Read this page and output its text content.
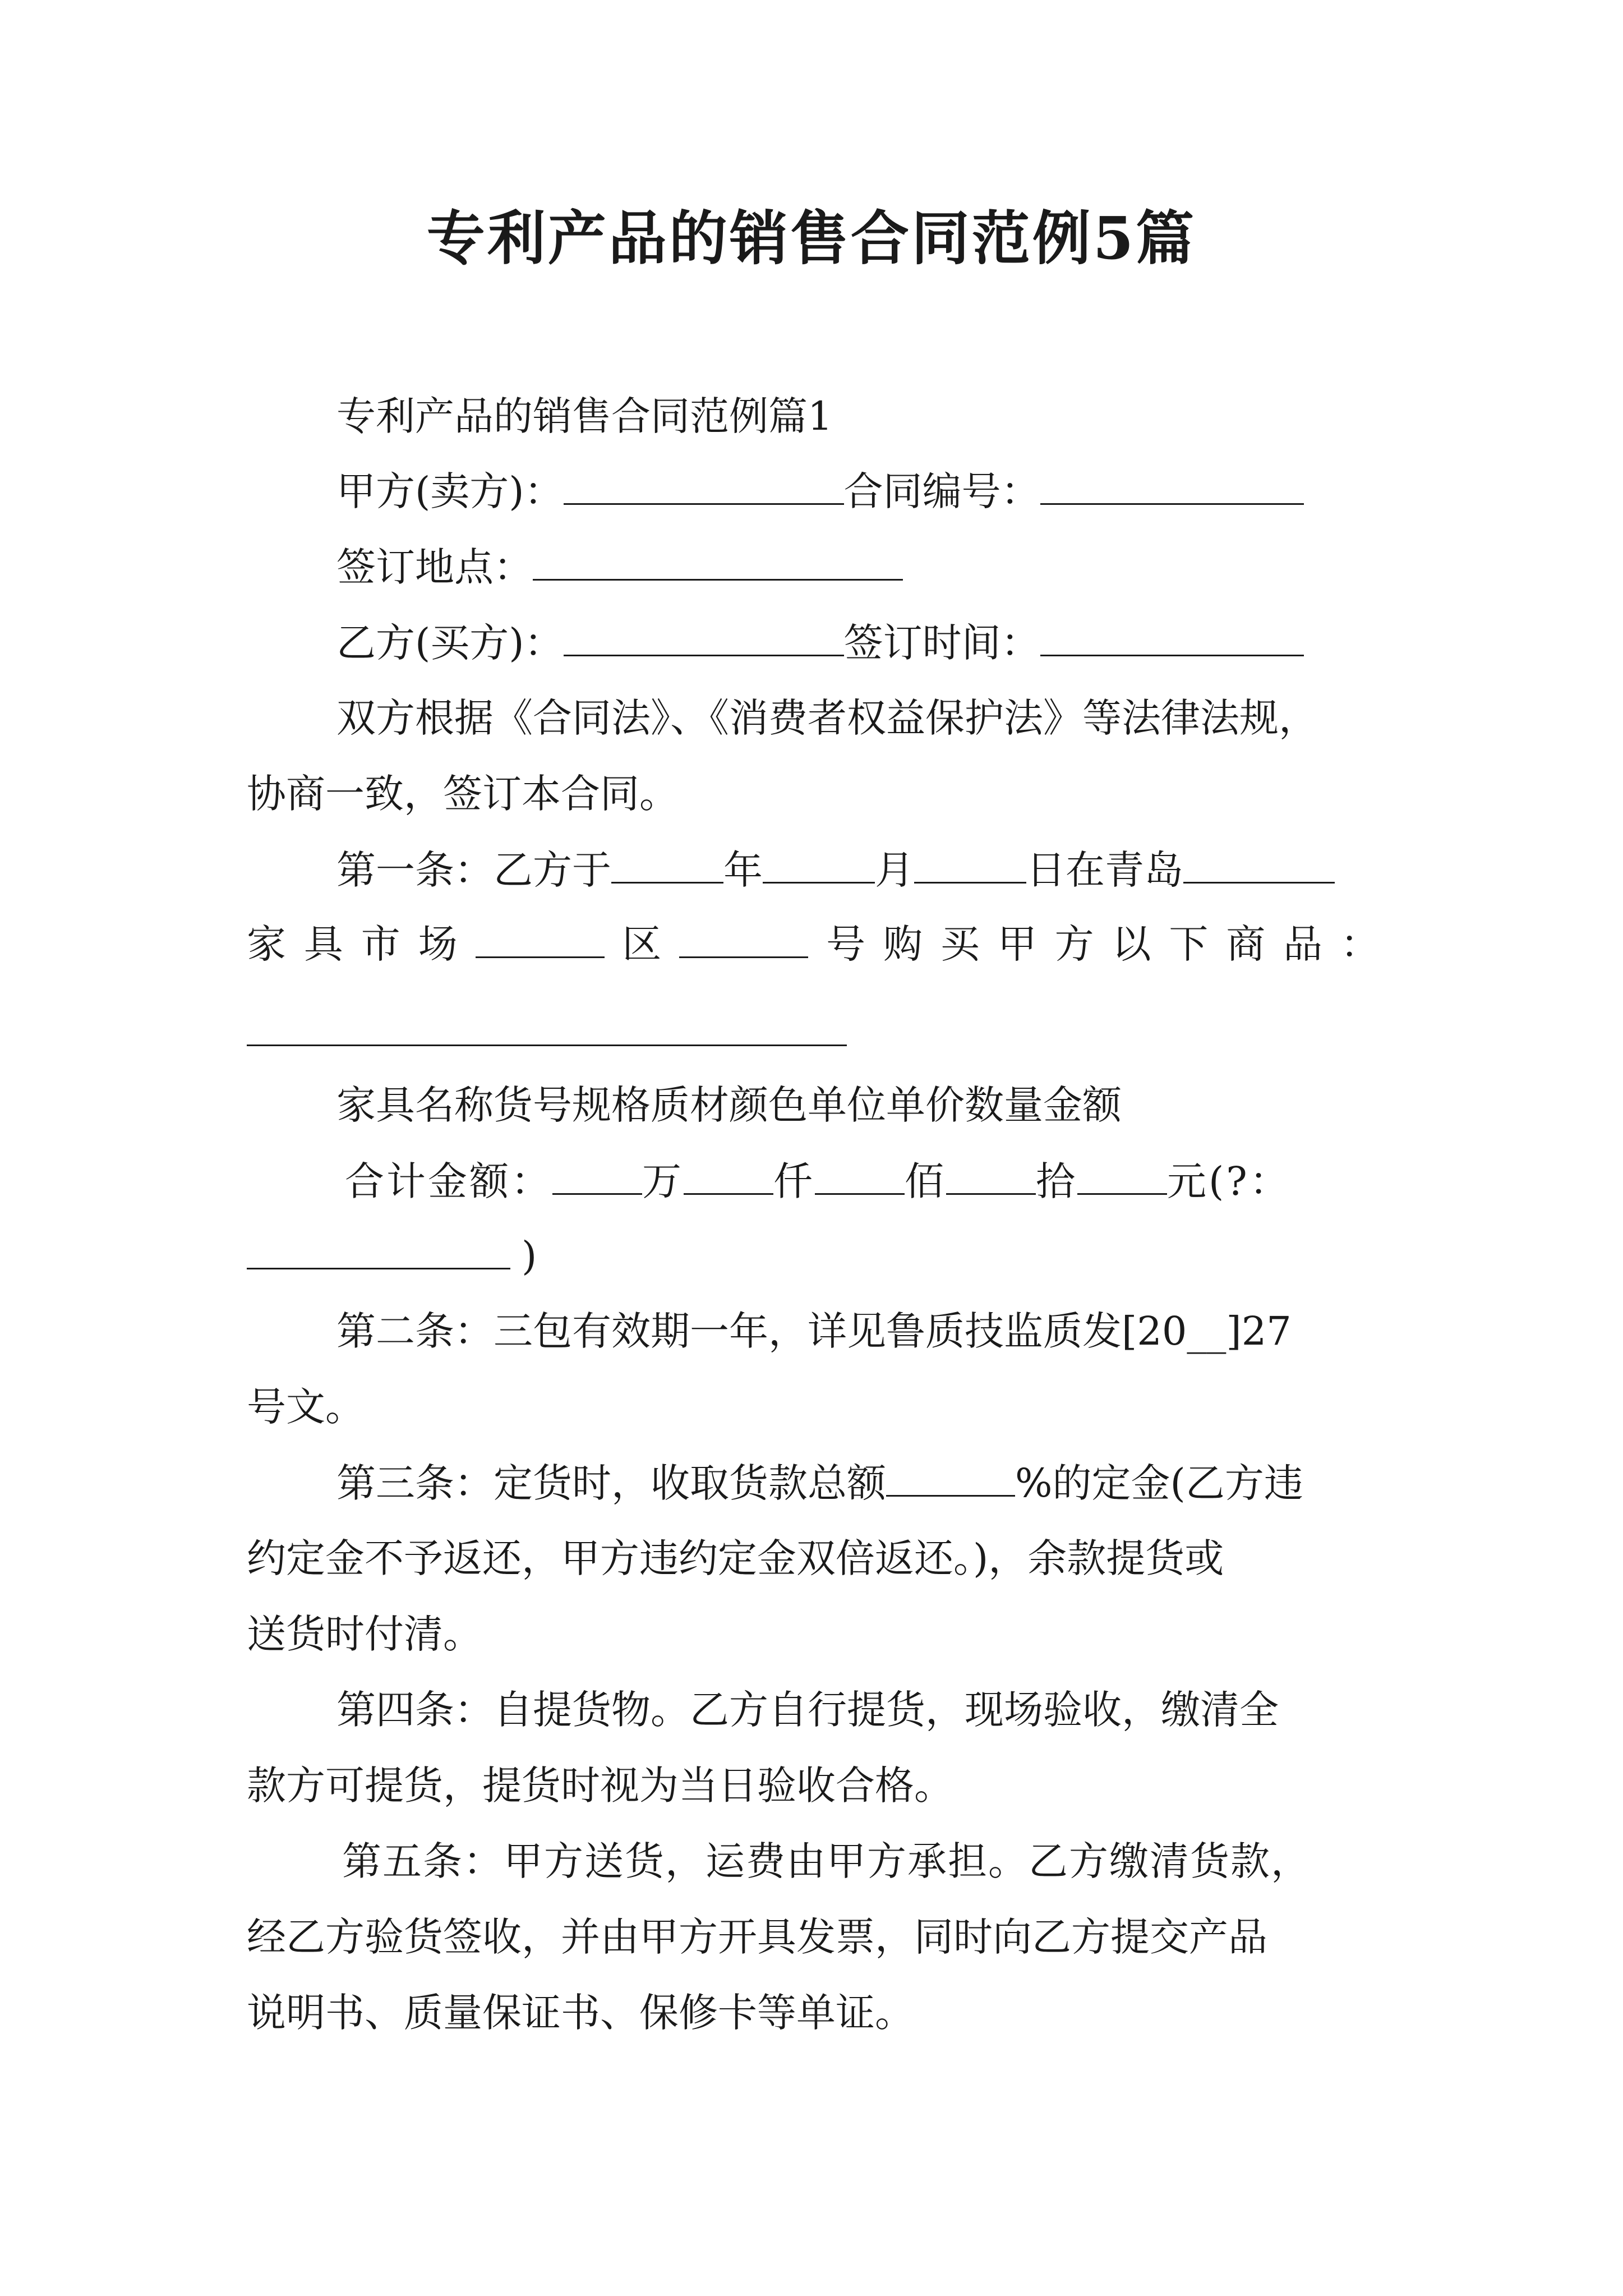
专利产品的销售合同范例5篇
专利产品的销售合同范例篇1
甲方(卖方)：	合同编号：
签订地点：
乙方(买方)：	签订时间：
双方根据《合同法》、《消费者权益保护法》等法律法规，
协商一致，签订本合同。
第一条：乙方于	年	月	日在青岛
家 具 市 场	区	号 购 买 甲 方 以 下 商 品 ：
家具名称货号规格质材颜色单位单价数量金额
合计金额： 万 仟 佰 拾 元(?：
)
第二条：三包有效期一年，详见鲁质技监质发[20__]27
号文。
第三条：定货时，收取货款总额	%的定金(乙方违
约定金不予返还，甲方违约定金双倍返还。)，余款提货或
送货时付清。
第四条：自提货物。乙方自行提货，现场验收，缴清全
款方可提货，提货时视为当日验收合格。
第五条：甲方送货，运费由甲方承担。乙方缴清货款，
经乙方验货签收，并由甲方开具发票，同时向乙方提交产品
说明书、质量保证书、保修卡等单证。
